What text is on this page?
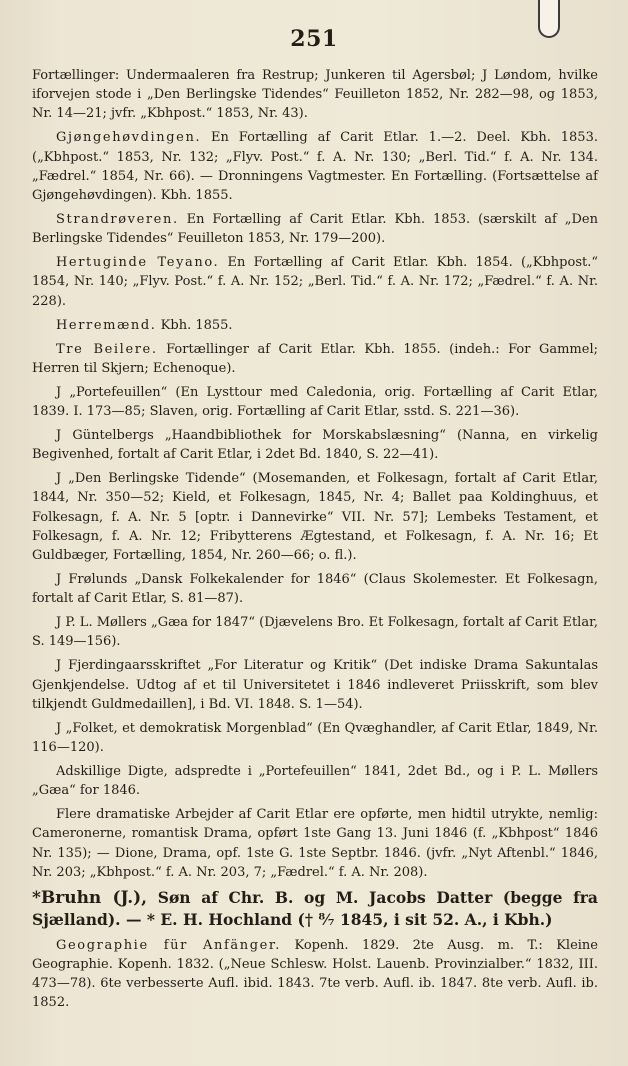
251

Fortællinger: Undermaaleren fra Restrup; Junkeren til Agersbøl; J Løndom, hvilke iforvejen stode i „Den Berlingske Tidendes“ Feuilleton 1852, Nr. 282—98, og 1853, Nr. 14—21; jvfr. „Kbhpost.“ 1853, Nr. 43).

Gjøngehøvdingen. En Fortælling af Carit Etlar. 1.—2. Deel. Kbh. 1853. („Kbhpost.“ 1853, Nr. 132; „Flyv. Post.“ f. A. Nr. 130; „Berl. Tid.“ f. A. Nr. 134. „Fædrel.“ 1854, Nr. 66). — Dronningens Vagtmester. En Fortælling. (Fortsættelse af Gjøngehøvdingen). Kbh. 1855.

Strandrøveren. En Fortælling af Carit Etlar. Kbh. 1853. (særskilt af „Den Berlingske Tidendes“ Feuilleton 1853, Nr. 179—200).

Hertuginde Teyano. En Fortælling af Carit Etlar. Kbh. 1854. („Kbhpost.“ 1854, Nr. 140; „Flyv. Post.“ f. A. Nr. 152; „Berl. Tid.“ f. A. Nr. 172; „Fædrel.“ f. A. Nr. 228).

Herremænd. Kbh. 1855.

Tre Beilere. Fortællinger af Carit Etlar. Kbh. 1855. (indeh.: For Gammel; Herren til Skjern; Echenoque).

J „Portefeuillen“ (En Lysttour med Caledonia, orig. Fortælling af Carit Etlar, 1839. I. 173—85; Slaven, orig. Fortælling af Carit Etlar, sstd. S. 221—36).

J Güntelbergs „Haandbibliothek for Morskabslæsning“ (Nanna, en virkelig Begivenhed, fortalt af Carit Etlar, i 2det Bd. 1840, S. 22—41).

J „Den Berlingske Tidende“ (Mosemanden, et Folkesagn, fortalt af Carit Etlar, 1844, Nr. 350—52; Kield, et Folkesagn, 1845, Nr. 4; Ballet paa Koldinghuus, et Folkesagn, f. A. Nr. 5 [optr. i Dannevirke“ VII. Nr. 57]; Lembeks Testament, et Folkesagn, f. A. Nr. 12; Fribytterens Ægtestand, et Folkesagn, f. A. Nr. 16; Et Guldbæger, Fortælling, 1854, Nr. 260—66; o. fl.).

J Frølunds „Dansk Folkekalender for 1846“ (Claus Skolemester. Et Folkesagn, fortalt af Carit Etlar, S. 81—87).

J P. L. Møllers „Gæa for 1847“ (Djævelens Bro. Et Folkesagn, fortalt af Carit Etlar, S. 149—156).

J Fjerdingaarsskriftet „For Literatur og Kritik“ (Det indiske Drama Sakuntalas Gjenkjendelse. Udtog af et til Universitetet i 1846 indleveret Priisskrift, som blev tilkjendt Guldmedaillen], i Bd. VI. 1848. S. 1—54).

J „Folket, et demokratisk Morgenblad“ (En Qvæghandler, af Carit Etlar, 1849, Nr. 116—120).

Adskillige Digte, adspredte i „Portefeuillen“ 1841, 2det Bd., og i P. L. Møllers „Gæa“ for 1846.

Flere dramatiske Arbejder af Carit Etlar ere opførte, men hidtil utrykte, nemlig: Cameronerne, romantisk Drama, opført 1ste Gang 13. Juni 1846 (f. „Kbhpost“ 1846 Nr. 135); — Dione, Drama, opf. 1ste G. 1ste Septbr. 1846. (jvfr. „Nyt Aftenbl.“ 1846, Nr. 203; „Kbhpost.“ f. A. Nr. 203, 7; „Fædrel.“ f. A. Nr. 208).

*Bruhn (J.), Søn af Chr. B. og M. Jacobs Datter (begge fra Sjælland). — * E. H. Hochland († ⁸⁄₇ 1845, i sit 52. A., i Kbh.)

Geographie für Anfänger. Kopenh. 1829. 2te Ausg. m. T.: Kleine Geographie. Kopenh. 1832. („Neue Schlesw. Holst. Lauenb. Provinzialber.“ 1832, III. 473—78). 6te verbesserte Aufl. ibid. 1843. 7te verb. Aufl. ib. 1847. 8te verb. Aufl. ib. 1852.
